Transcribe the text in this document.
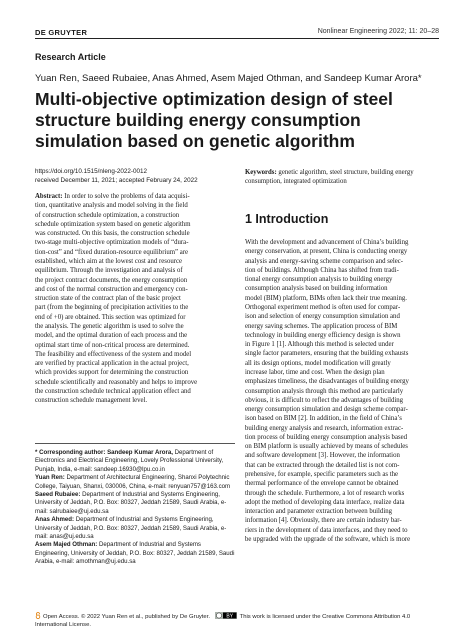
DE GRUYTER	Nonlinear Engineering 2022; 11: 20–28
Research Article
Yuan Ren, Saeed Rubaiee, Anas Ahmed, Asem Majed Othman, and Sandeep Kumar Arora*
Multi-objective optimization design of steel structure building energy consumption simulation based on genetic algorithm
https://doi.org/10.1515/nleng-2022-0012
received December 11, 2021; accepted February 24, 2022
Abstract: In order to solve the problems of data acquisi-
tion, quantitative analysis and model solving in the field
of construction schedule optimization, a construction
schedule optimization system based on genetic algorithm
was constructed. On this basis, the construction schedule
two-stage multi-objective optimization models of “dura-
tion-cost” and “fixed duration-resource equilibrium” are
established, which aim at the lowest cost and resource
equilibrium. Through the investigation and analysis of
the project contract documents, the energy consumption
and cost of the normal construction and emergency con-
struction state of the contract plan of the basic project
part (from the beginning of precipitation activities to the
end of +0) are obtained. This section was optimized for
the analysis. The genetic algorithm is used to solve the
model, and the optimal duration of each process and the
optimal start time of non-critical process are determined.
The feasibility and effectiveness of the system and model
are verified by practical application in the actual project,
which provides support for determining the construction
schedule scientifically and reasonably and helps to improve
the construction schedule technical application effect and
construction schedule management level.
Keywords: genetic algorithm, steel structure, building energy consumption, integrated optimization
1 Introduction
With the development and advancement of China’s building
energy conservation, at present, China is conducting energy
analysis and energy-saving scheme comparison and selec-
tion of buildings. Although China has shifted from tradi-
tional energy consumption analysis to building energy
consumption analysis based on building information
model (BIM) platform, BIMs often lack their true meaning.
Orthogonal experiment method is often used for compar-
ison and selection of energy consumption simulation and
energy saving schemes. The application process of BIM
technology in building energy efficiency design is shown
in Figure 1 [1]. Although this method is selected under
single factor parameters, ensuring that the building exhausts
all its design options, model modification will greatly
increase labor, time and cost. When the design plan
emphasizes timeliness, the disadvantages of building energy
consumption analysis through this method are particularly
obvious, it is difficult to reflect the advantages of building
energy consumption simulation and design scheme compar-
ison based on BIM [2]. In addition, in the field of China’s
building energy analysis and research, information extrac-
tion process of building energy consumption analysis based
on BIM platform is usually achieved by means of schedules
and software development [3]. However, the information
that can be extracted through the detailed list is not com-
prehensive, for example, specific parameters such as the
thermal performance of the envelope cannot be obtained
through the schedule. Furthermore, a lot of research works
adopt the method of developing data interface, realize data
interaction and parameter extraction between building
information [4]. Obviously, there are certain industry bar-
riers in the development of data interfaces, and they need to
be upgraded with the upgrade of the software, which is more

* Corresponding author: Sandeep Kumar Arora, Department of Electronics and Electrical Engineering, Lovely Professional University, Punjab, India, e-mail: sandeep.16930@lpu.co.in

Yuan Ren: Department of Architectural Engineering, Shanxi Polytechnic College, Taiyuan, Shanxi, 030006, China, e-mail: renyuan757@163.com

Saeed Rubaiee: Department of Industrial and Systems Engineering, University of Jeddah, P.O. Box: 80327, Jeddah 21589, Saudi Arabia, e-mail: salrubaiee@uj.edu.sa

Anas Ahmed: Department of Industrial and Systems Engineering, University of Jeddah, P.O. Box: 80327, Jeddah 21589, Saudi Arabia, e-mail: anas@uj.edu.sa

Asem Majed Othman: Department of Industrial and Systems Engineering, University of Jeddah, P.O. Box: 80327, Jeddah 21589, Saudi Arabia, e-mail: amothman@uj.edu.sa

Open Access. © 2022 Yuan Ren et al., published by De Gruyter.	BY This work is licensed under the Creative Commons Attribution 4.0 International License.
